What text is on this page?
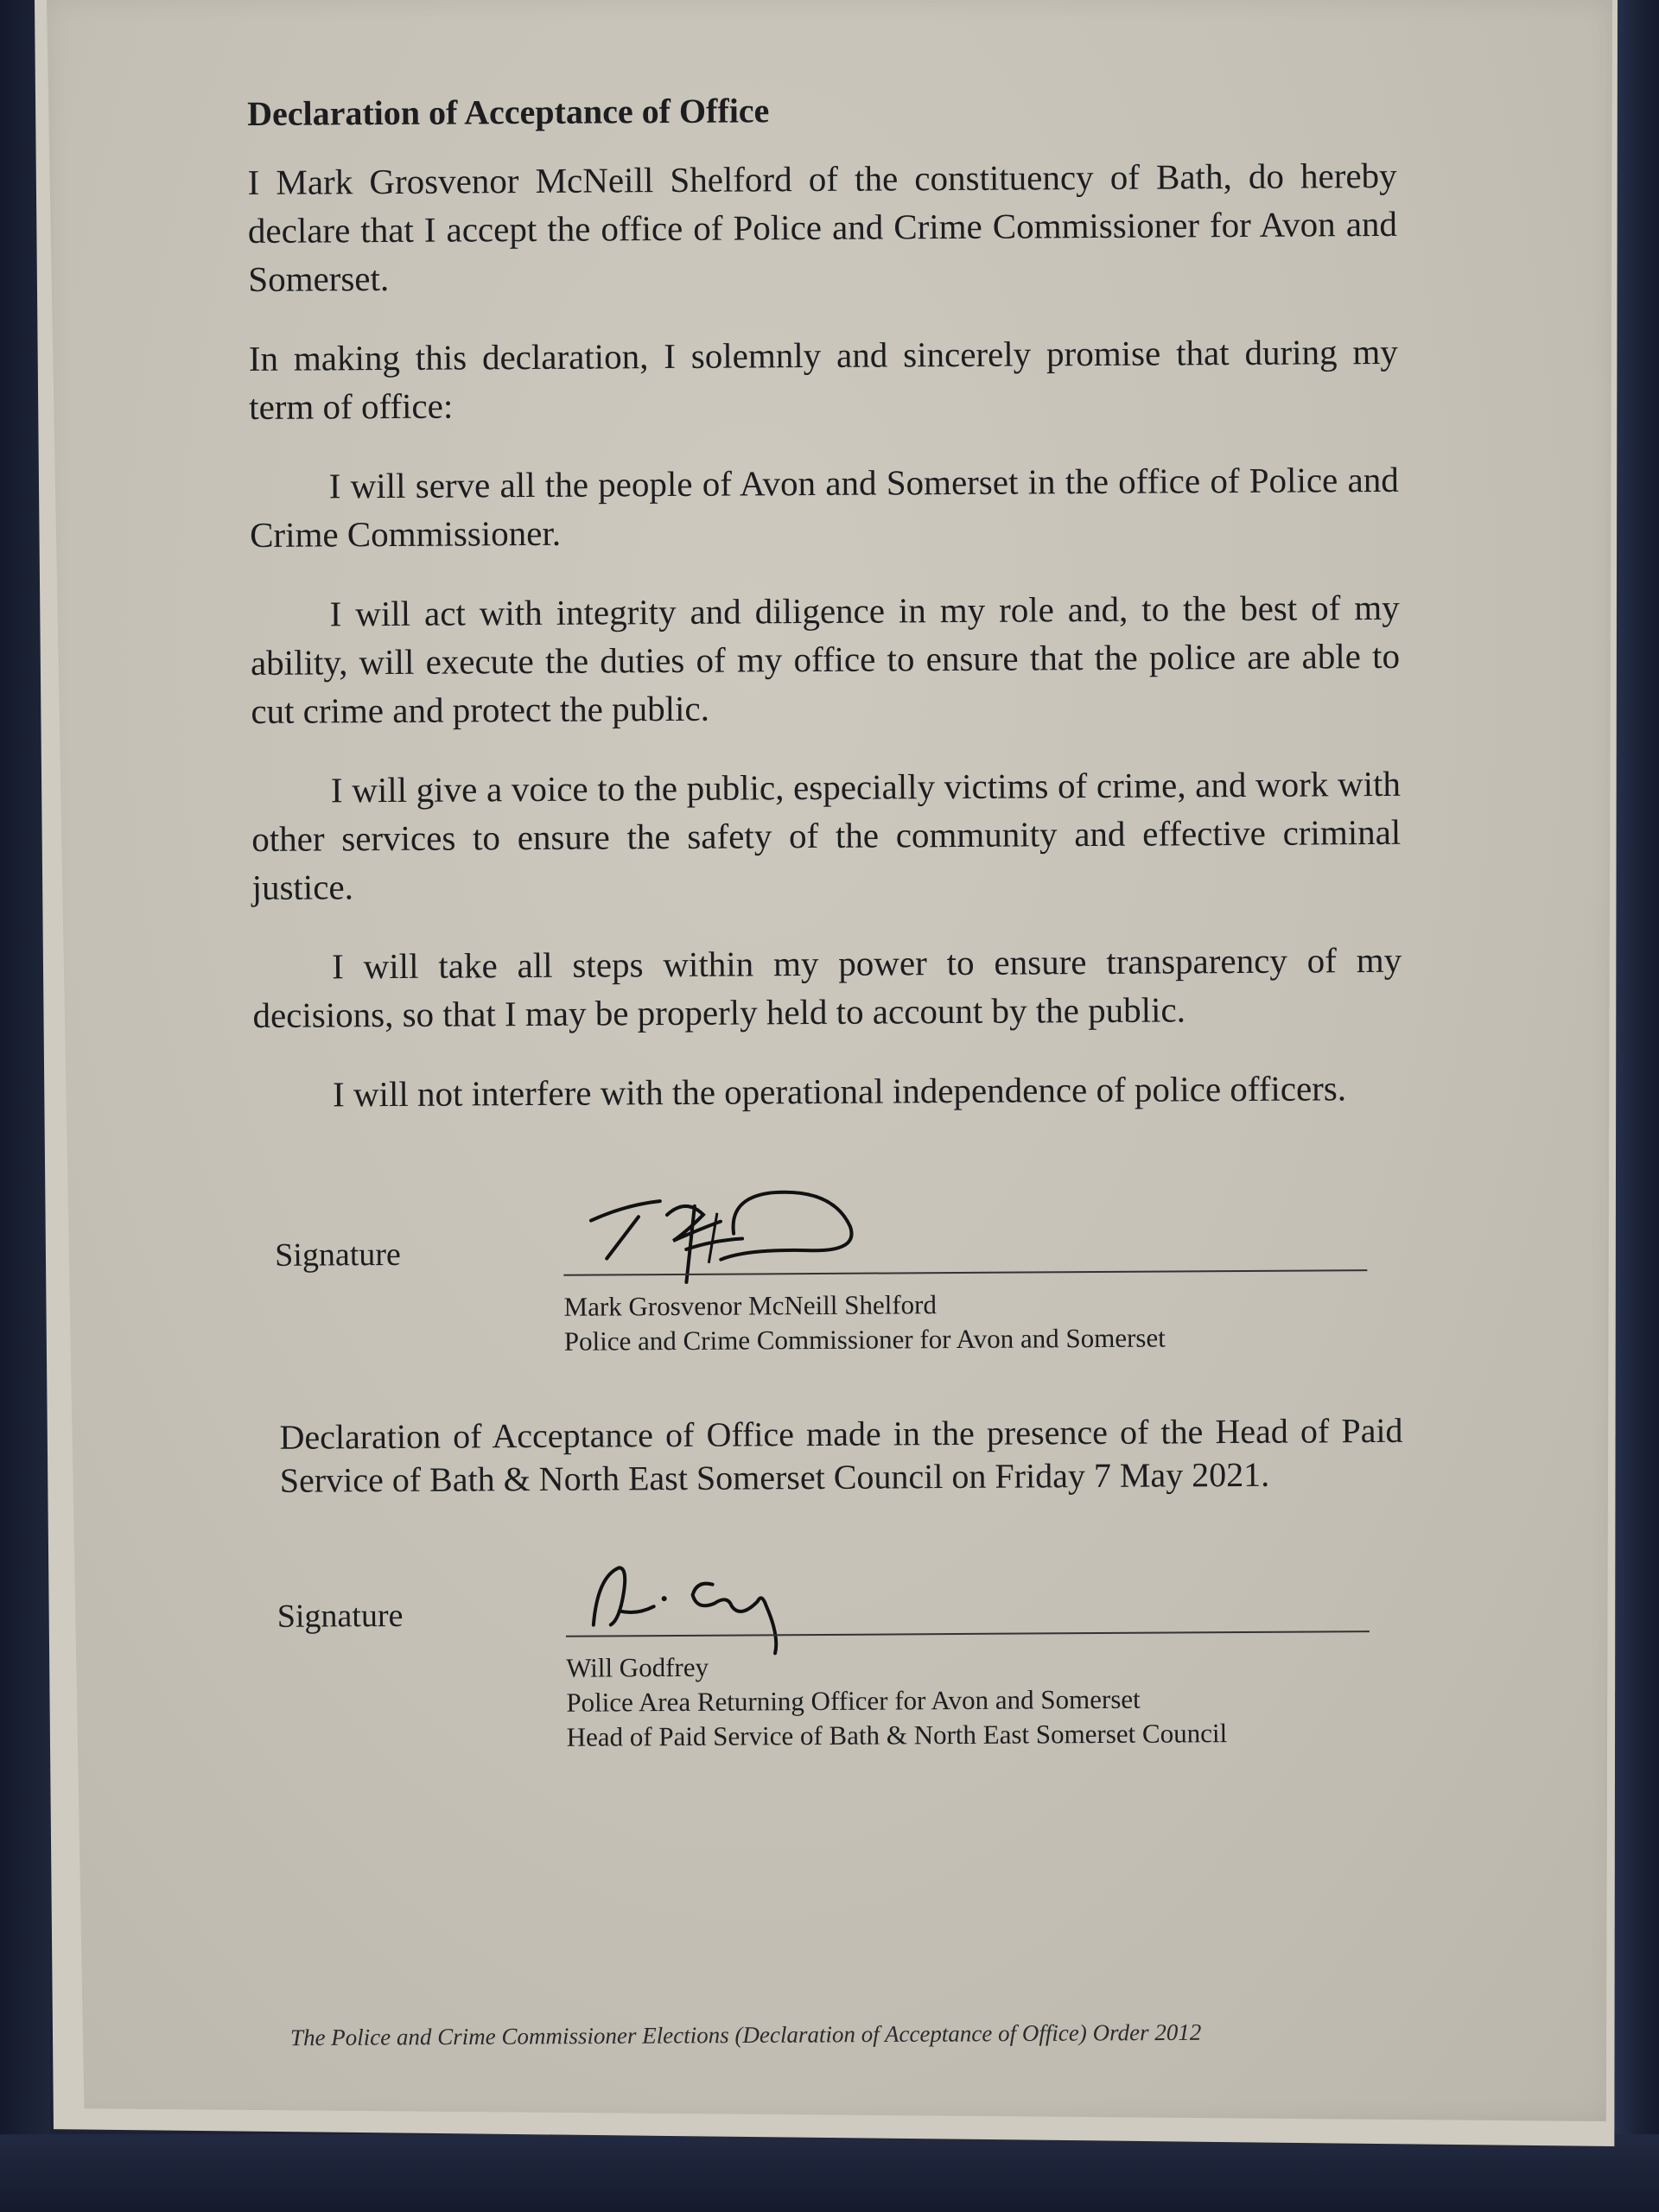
Declaration of Acceptance of Office

I Mark Grosvenor McNeill Shelford of the constituency of Bath, do hereby declare that I accept the office of Police and Crime Commissioner for Avon and Somerset.

In making this declaration, I solemnly and sincerely promise that during my term of office:

I will serve all the people of Avon and Somerset in the office of Police and Crime Commissioner.

I will act with integrity and diligence in my role and, to the best of my ability, will execute the duties of my office to ensure that the police are able to cut crime and protect the public.

I will give a voice to the public, especially victims of crime, and work with other services to ensure the safety of the community and effective criminal justice.

I will take all steps within my power to ensure transparency of my decisions, so that I may be properly held to account by the public.

I will not interfere with the operational independence of police officers.

Signature
Mark Grosvenor McNeill Shelford
Police and Crime Commissioner for Avon and Somerset

Declaration of Acceptance of Office made in the presence of the Head of Paid Service of Bath & North East Somerset Council on Friday 7 May 2021.

Signature
Will Godfrey
Police Area Returning Officer for Avon and Somerset
Head of Paid Service of Bath & North East Somerset Council
The Police and Crime Commissioner Elections (Declaration of Acceptance of Office) Order 2012
